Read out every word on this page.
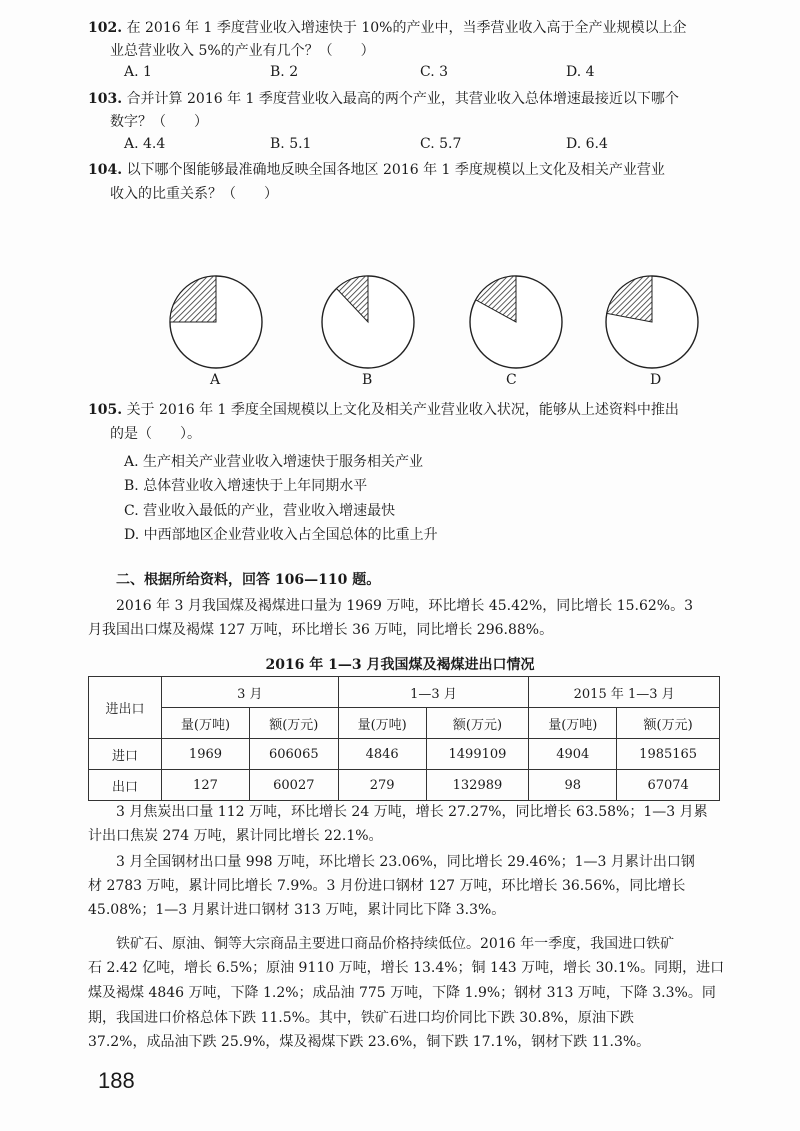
102. 在 2016 年 1 季度营业收入增速快于 10%的产业中，当季营业收入高于全产业规模以上企
业总营业收入 5%的产业有几个？（　　）
A. 1	B. 2	C. 3	D. 4
103. 合并计算 2016 年 1 季度营业收入最高的两个产业，其营业收入总体增速最接近以下哪个
数字？（　　）
A. 4.4	B. 5.1	C. 5.7	D. 6.4
104. 以下哪个图能够最准确地反映全国各地区 2016 年 1 季度规模以上文化及相关产业营业
收入的比重关系？（　　）
A	B	C	D
105. 关于 2016 年 1 季度全国规模以上文化及相关产业营业收入状况，能够从上述资料中推出
的是（　　）。
A. 生产相关产业营业收入增速快于服务相关产业
B. 总体营业收入增速快于上年同期水平
C. 营业收入最低的产业，营业收入增速最快
D. 中西部地区企业营业收入占全国总体的比重上升
二、根据所给资料，回答 106—110 题。
2016 年 3 月我国煤及褐煤进口量为 1969 万吨，环比增长 45.42%，同比增长 15.62%。3
月我国出口煤及褐煤 127 万吨，环比增长 36 万吨，同比增长 296.88%。
2016 年 1—3 月我国煤及褐煤进出口情况
进出口	3 月		1—3 月		2015 年 1—3 月	
	量(万吨)	额(万元)	量(万吨)	额(万元)	量(万吨)	额(万元)
进口	1969	606065	4846	1499109	4904	1985165
出口	127	60027	279	132989	98	67074
　　3 月焦炭出口量 112 万吨，环比增长 24 万吨，增长 27.27%，同比增长 63.58%；1—3 月累
计出口焦炭 274 万吨，累计同比增长 22.1%。
　　3 月全国钢材出口量 998 万吨，环比增长 23.06%，同比增长 29.46%；1—3 月累计出口钢
材 2783 万吨，累计同比增长 7.9%。3 月份进口钢材 127 万吨，环比增长 36.56%，同比增长
45.08%；1—3 月累计进口钢材 313 万吨，累计同比下降 3.3%。
　　铁矿石、原油、铜等大宗商品主要进口商品价格持续低位。2016 年一季度，我国进口铁矿
石 2.42 亿吨，增长 6.5%；原油 9110 万吨，增长 13.4%；铜 143 万吨，增长 30.1%。同期，进口
煤及褐煤 4846 万吨，下降 1.2%；成品油 775 万吨，下降 1.9%；钢材 313 万吨，下降 3.3%。同
期，我国进口价格总体下跌 11.5%。其中，铁矿石进口均价同比下跌 30.8%，原油下跌
37.2%，成品油下跌 25.9%，煤及褐煤下跌 23.6%，铜下跌 17.1%，钢材下跌 11.3%。
188
